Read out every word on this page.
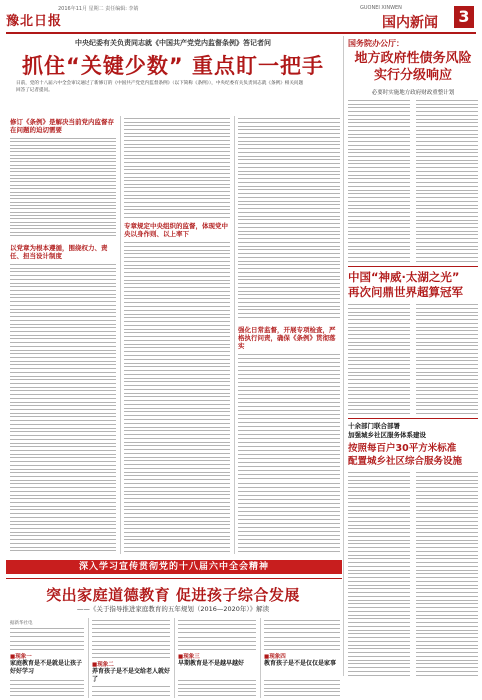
豫北日报
2016年11月 星期二 责任编辑: 李婧	GUONEI XINWEN
国内新闻 3
中央纪委有关负责同志就《中国共产党党内监督条例》答记者问
抓住“关键少数” 重点盯一把手
日前，党的十八届六中全会审议通过了新修订的《中国共产党党内监督条例》（以下简称《条例》），中央纪委有关负责同志就《条例》相关问题
回答了记者提问。
修订《条例》是解决当前党内监督存在问题的迫切需要
以党章为根本遵循，围绕权力、责任、担当设计制度
专章规定中央组织的监督，体现党中央以身作则、以上率下
强化日常监督，开展专项检查，严格执行问责，确保《条例》贯彻落实
深入学习宣传贯彻党的十八届六中全会精神
国务院办公厅：
地方政府性债务风险
实行分级响应
必要时实施地方政府财政重整计划
中国“神威·太湖之光”
再次问鼎世界超算冠军
十余部门联合部署
加强城乡社区服务体系建设
按照每百户30平方米标准
配置城乡社区综合服务设施
突出家庭道德教育 促进孩子综合发展
——《关于指导推进家庭教育的五年规划（2016—2020年）》解读
据新华社电
■现象一
家庭教育是不是就是让孩子好好学习
■现象二
养育孩子是不是交给老人就好了
■现象三
早期教育是不是越早越好
■现象四
教育孩子是不是仅仅是家事
